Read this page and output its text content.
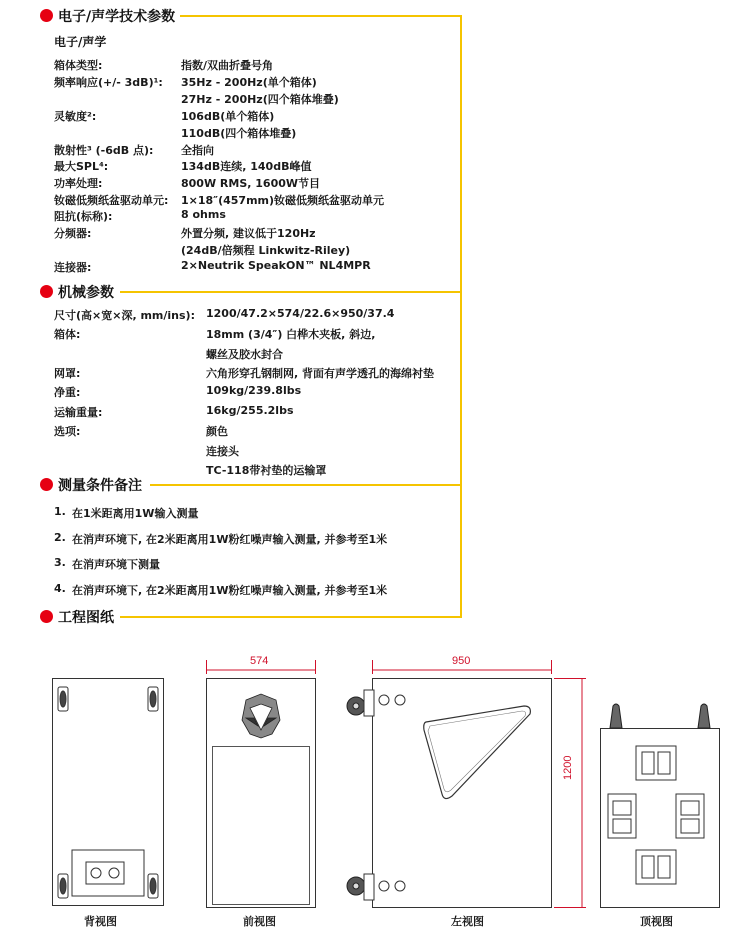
电子/声学技术参数
电子/声学
箱体类型:	指数/双曲折叠号角
频率响应(+/- 3dB)¹: 35Hz - 200Hz(单个箱体)
27Hz - 200Hz(四个箱体堆叠)
灵敏度²:	106dB(单个箱体)
110dB(四个箱体堆叠)
散射性³ (-6dB 点):	全指向
最大SPL⁴:	134dB连续, 140dB峰值
功率处理:	800W RMS, 1600W节目
钕磁低频纸盆驱动单元: 1×18″(457mm)钕磁低频纸盆驱动单元
阻抗(标称):	8 ohms
分频器:	外置分频, 建议低于120Hz
(24dB/倍频程 Linkwitz-Riley)
连接器:	2×Neutrik SpeakON™ NL4MPR
机械参数
尺寸(高×宽×深, mm/ins): 1200/47.2×574/22.6×950/37.4
箱体:	18mm (3/4″) 白桦木夹板, 斜边,
螺丝及胶水封合
网罩:	六角形穿孔钢制网, 背面有声学透孔的海绵衬垫
净重:	109kg/239.8lbs
运输重量:	16kg/255.2lbs
选项:	颜色
连接头
TC-118带衬垫的运输罩
测量条件备注
1. 在1米距离用1W输入测量
2. 在消声环境下, 在2米距离用1W粉红噪声输入测量, 并参考至1米
3. 在消声环境下测量
4. 在消声环境下, 在2米距离用1W粉红噪声输入测量, 并参考至1米
工程图纸
背视图
574
前视图
950
1200
左视图	顶视图
